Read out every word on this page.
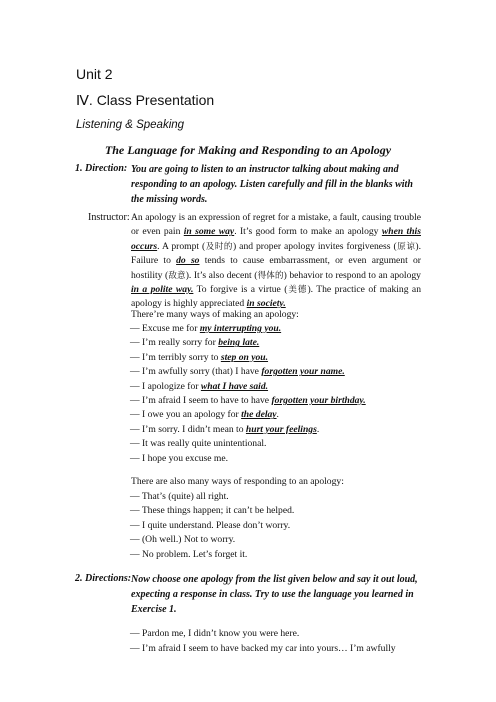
Unit 2
Ⅳ. Class Presentation
Listening & Speaking
The Language for Making and Responding to an Apology
1. Direction: You are going to listen to an instructor talking about making and responding to an apology. Listen carefully and fill in the blanks with the missing words.
Instructor: An apology is an expression of regret for a mistake, a fault, causing trouble or even pain in some way. It’s good form to make an apology when this occurs. A prompt (及时的) and proper apology invites forgiveness (原谅). Failure to do so tends to cause embarrassment, or even argument or hostility (敌意). It’s also decent (得体的) behavior to respond to an apology in a polite way. To forgive is a virtue (美德). The practice of making an apology is highly appreciated in society.
There’re many ways of making an apology:
— Excuse me for my interrupting you.
— I’m really sorry for being late.
— I’m terribly sorry to step on you.
— I’m awfully sorry (that) I have forgotten your name.
— I apologize for what I have said.
— I’m afraid I seem to have to have forgotten your birthday.
— I owe you an apology for the delay.
— I’m sorry. I didn’t mean to hurt your feelings.
— It was really quite unintentional.
— I hope you excuse me.
There are also many ways of responding to an apology:
— That’s (quite) all right.
— These things happen; it can’t be helped.
— I quite understand. Please don’t worry.
— (Oh well.) Not to worry.
— No problem. Let’s forget it.
2. Directions: Now choose one apology from the list given below and say it out loud, expecting a response in class. Try to use the language you learned in Exercise 1.
— Pardon me, I didn’t know you were here.
— I’m afraid I seem to have backed my car into yours… I’m awfully
